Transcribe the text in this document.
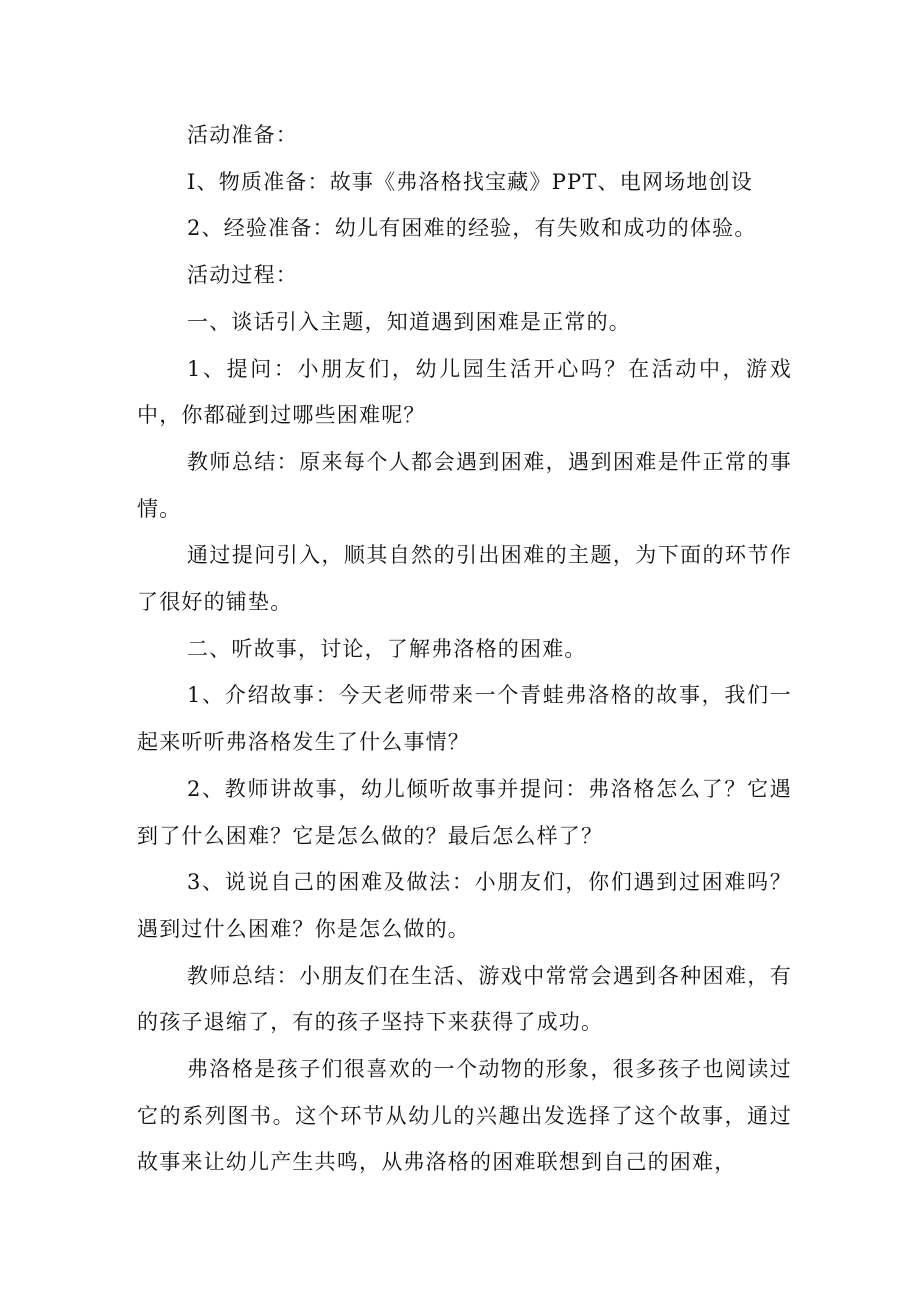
活动准备：

I、物质准备：故事《弗洛格找宝藏》PPT、电网场地创设

2、经验准备：幼儿有困难的经验，有失败和成功的体验。

活动过程：

一、谈话引入主题，知道遇到困难是正常的。

1、提问：小朋友们，幼儿园生活开心吗？在活动中，游戏中，你都碰到过哪些困难呢？

教师总结：原来每个人都会遇到困难，遇到困难是件正常的事情。

通过提问引入，顺其自然的引出困难的主题，为下面的环节作了很好的铺垫。

二、听故事，讨论，了解弗洛格的困难。

1、介绍故事：今天老师带来一个青蛙弗洛格的故事，我们一起来听听弗洛格发生了什么事情？

2、教师讲故事，幼儿倾听故事并提问：弗洛格怎么了？它遇到了什么困难？它是怎么做的？最后怎么样了？

3、说说自己的困难及做法：小朋友们，你们遇到过困难吗？遇到过什么困难？你是怎么做的。

教师总结：小朋友们在生活、游戏中常常会遇到各种困难，有的孩子退缩了，有的孩子坚持下来获得了成功。

弗洛格是孩子们很喜欢的一个动物的形象，很多孩子也阅读过它的系列图书。这个环节从幼儿的兴趣出发选择了这个故事，通过故事来让幼儿产生共鸣，从弗洛格的困难联想到自己的困难，
